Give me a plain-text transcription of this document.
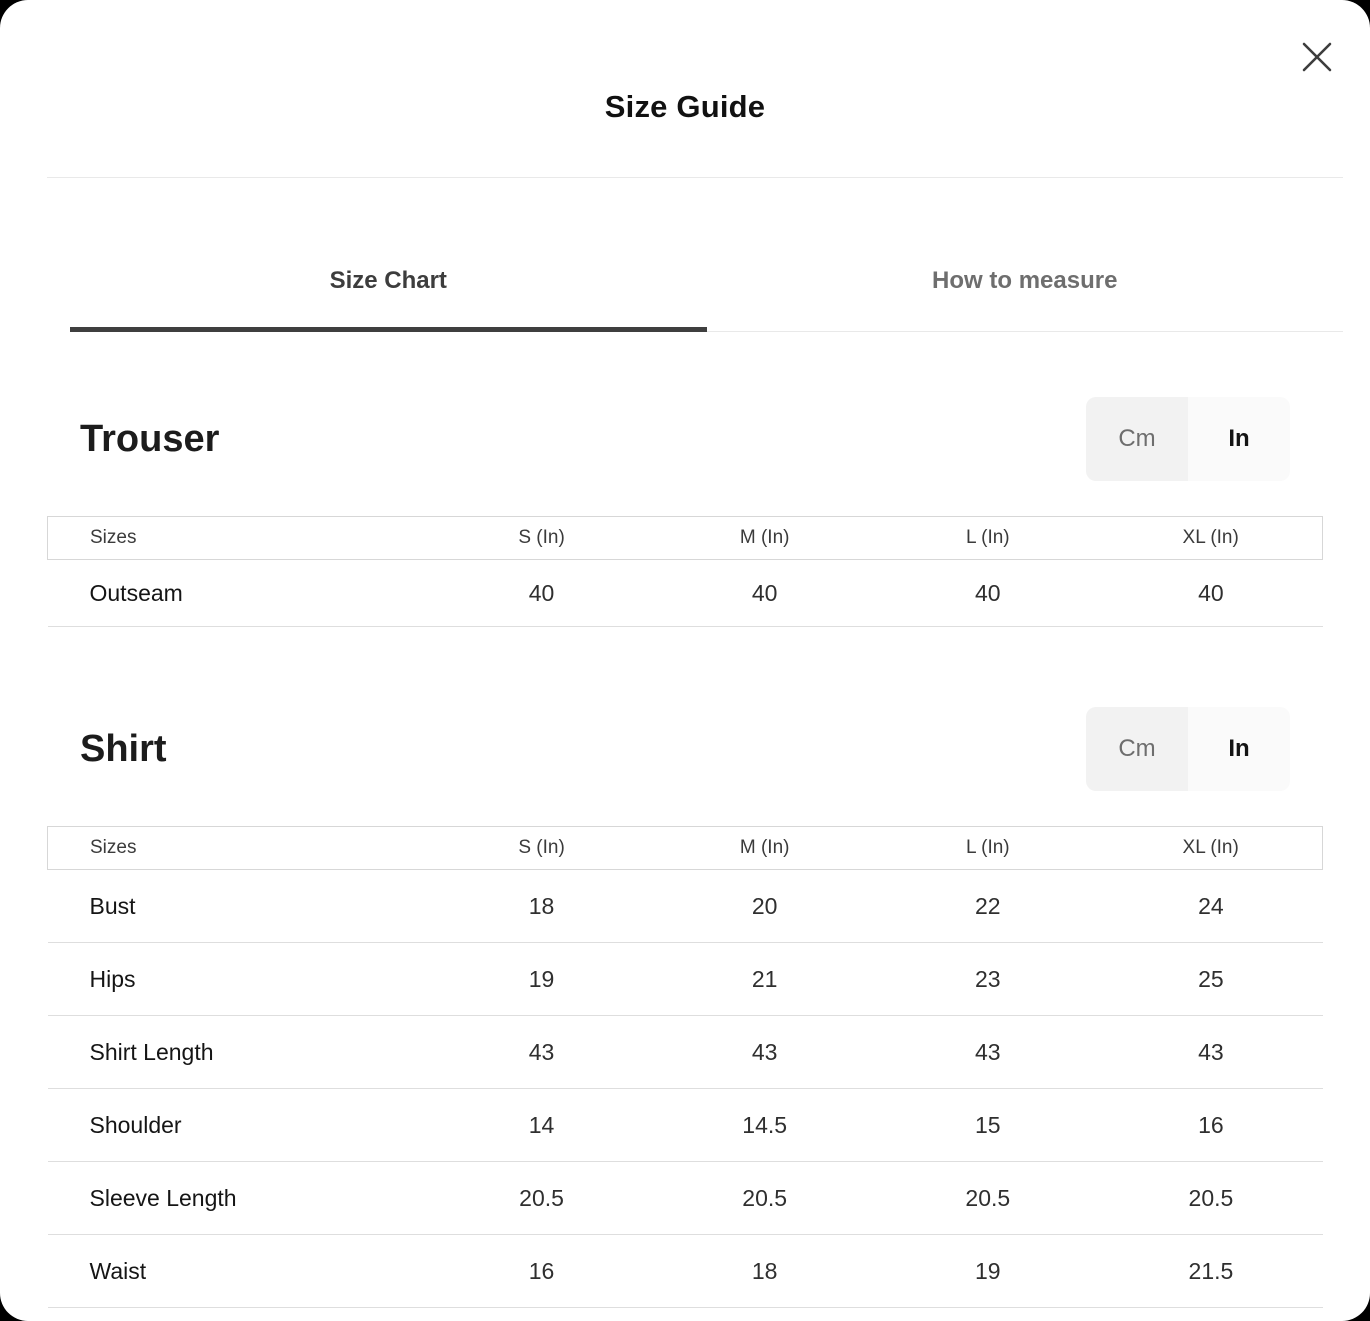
Size Guide
Size Chart	How to measure
Trouser	Cm	In
Sizes	S (In)	M (In)	L (In)	XL (In)
Outseam	40	40	40	40
Shirt	Cm	In
Sizes	S (In)	M (In)	L (In)	XL (In)
Bust	18	20	22	24
Hips	19	21	23	25
Shirt Length	43	43	43	43
Shoulder	14	14.5	15	16
Sleeve Length	20.5	20.5	20.5	20.5
Waist	16	18	19	21.5
